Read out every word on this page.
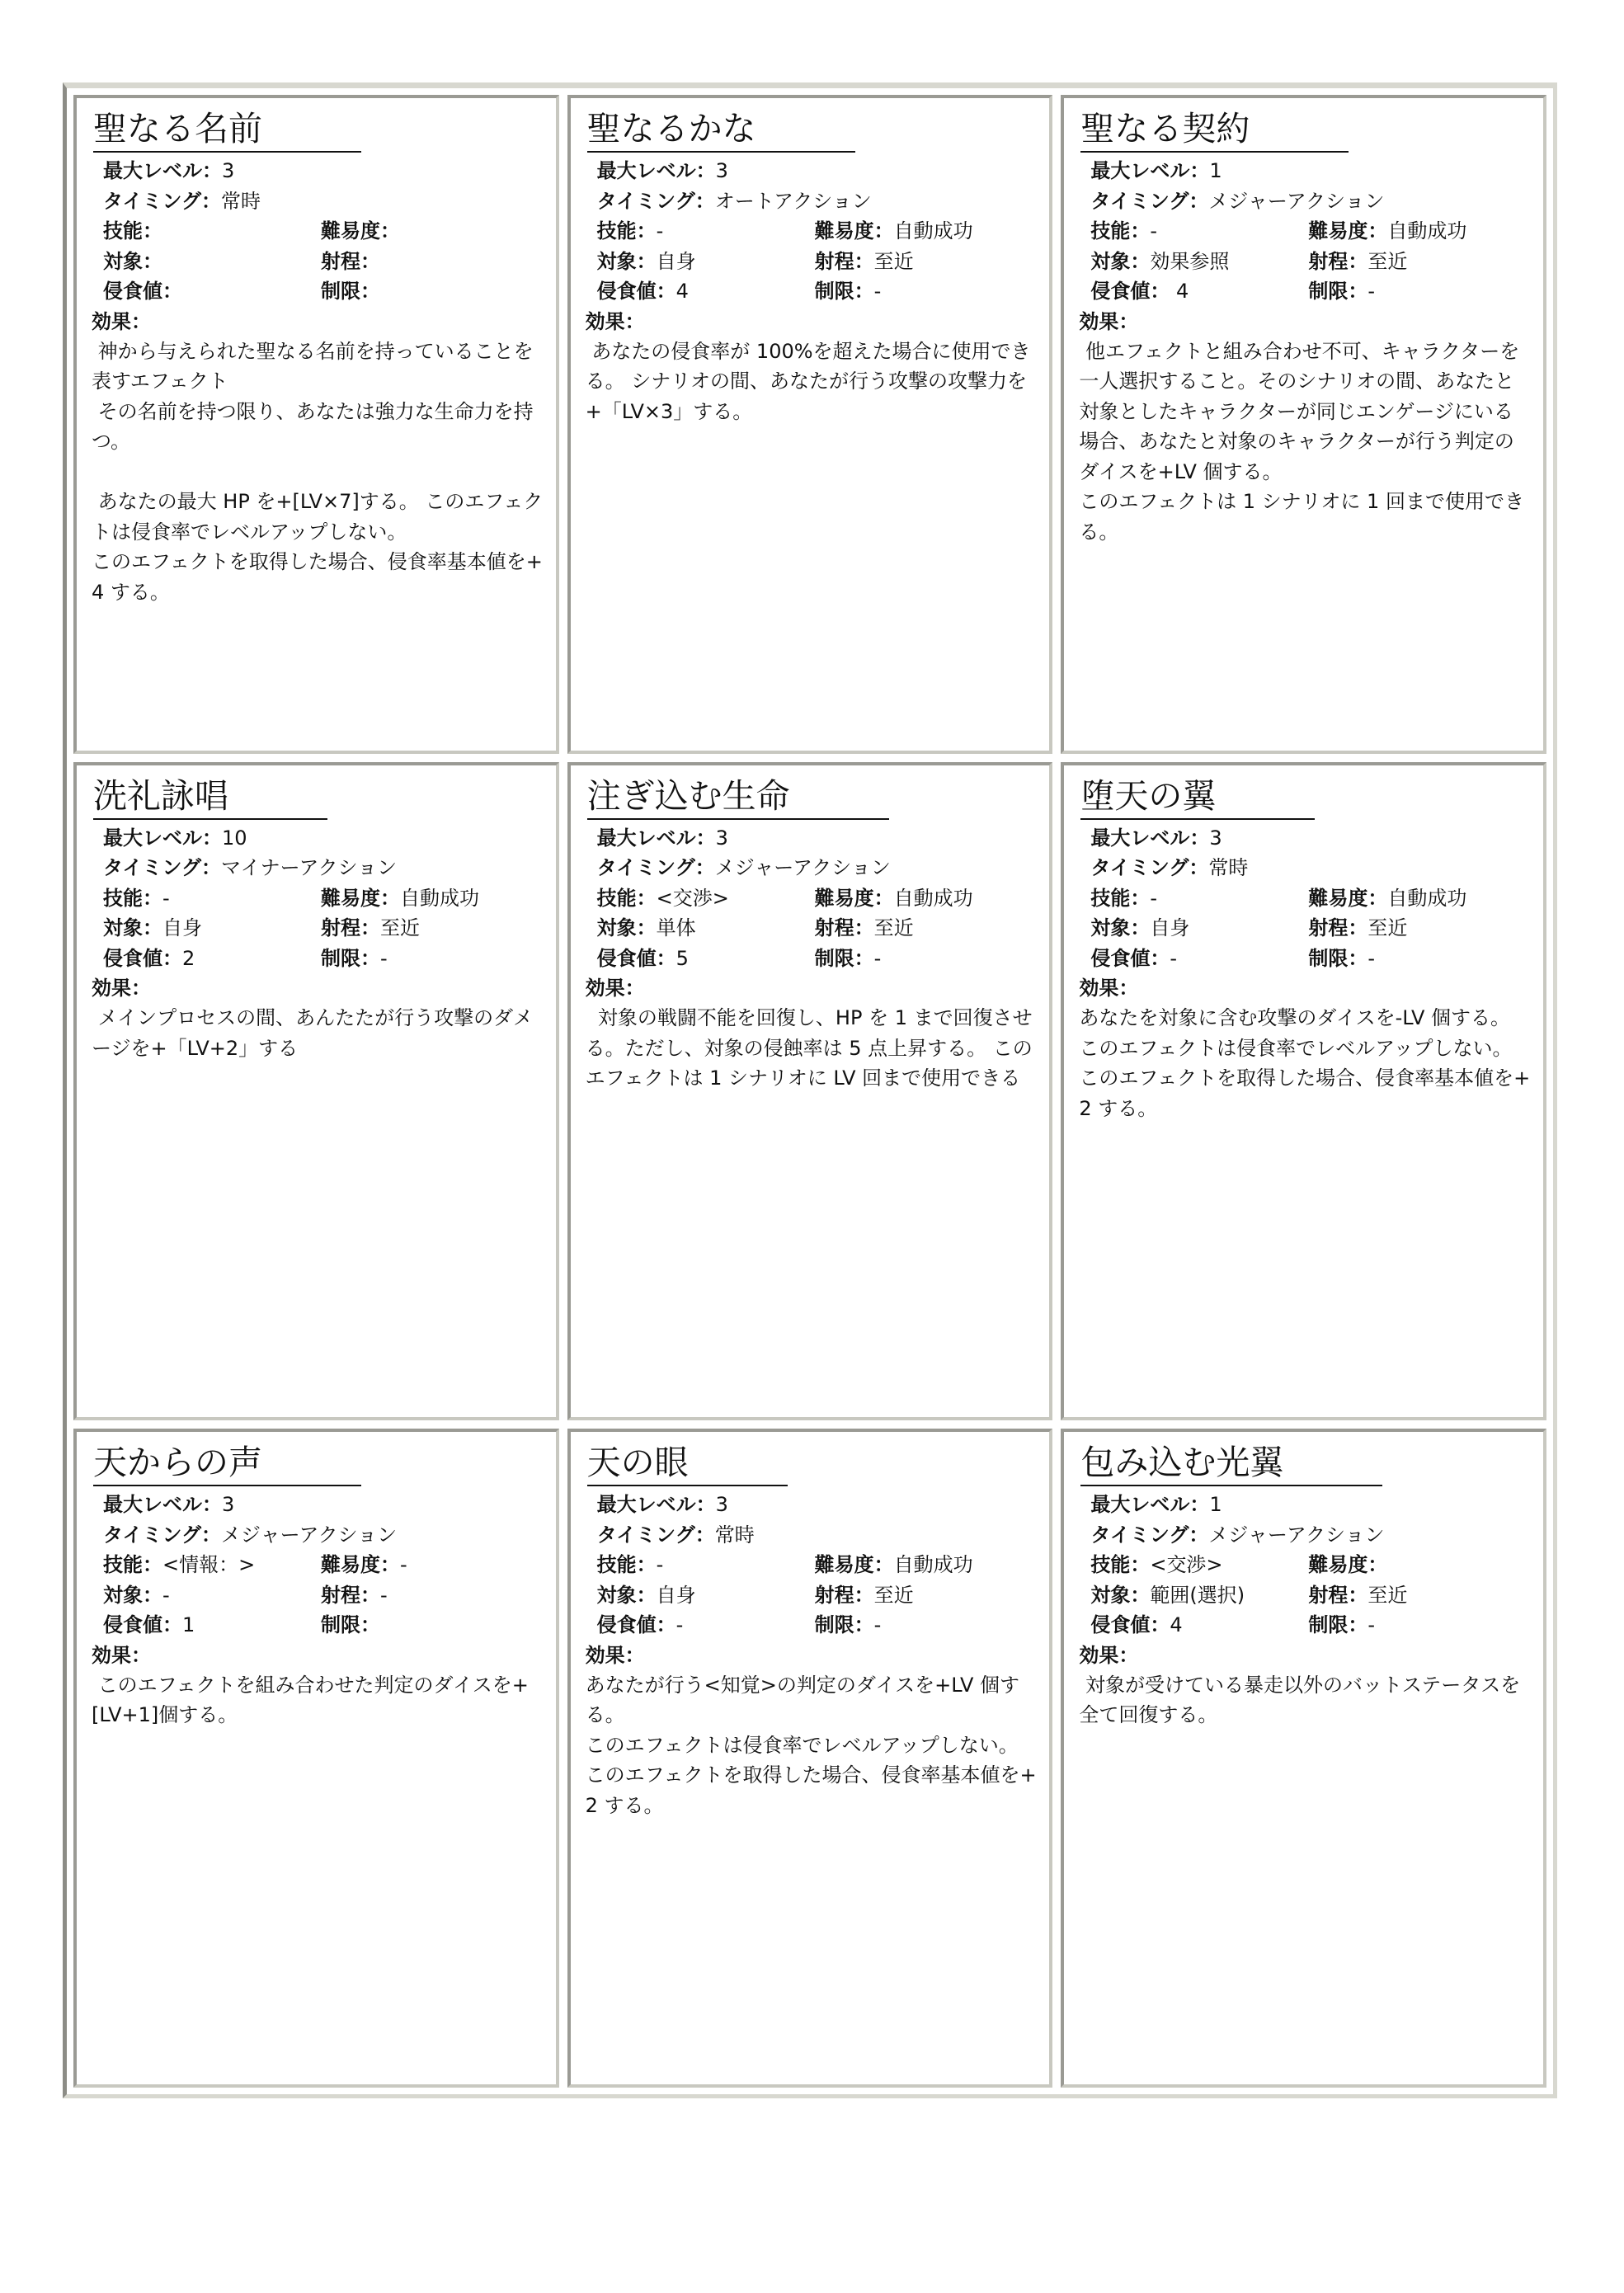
聖なる名前
最大レベル： 3
タイミング： 常時
技能：	難易度：
対象：	射程：
侵食値：	制限：
効果：

神から与えられた聖なる名前を持っていることを表すエフェクト
その名前を持つ限り、あなたは強力な生命力を持つ。

あなたの最大 HP を+[LV×7]する。 このエフェクトは侵食率でレベルアップしない。
このエフェクトを取得した場合、侵食率基本値を+4 する。

聖なるかな
最大レベル： 3
タイミング： オートアクション
技能：-	難易度：自動成功
対象：自身	射程：至近
侵食値：4	制限：-
効果：

あなたの侵食率が 100%を超えた場合に使用できる。 シナリオの間、あなたが行う攻撃の攻撃力を+「LV×3」する。

聖なる契約
最大レベル： 1
タイミング： メジャーアクション
技能：-	難易度：自動成功
対象：効果参照	射程：至近
侵食値： 4	制限：-
効果：

他エフェクトと組み合わせ不可、キャラクターを一人選択すること。そのシナリオの間、あなたと対象としたキャラクターが同じエンゲージにいる場合、あなたと対象のキャラクターが行う判定のダイスを+LV 個する。
このエフェクトは 1 シナリオに 1 回まで使用できる。

洗礼詠唱
最大レベル： 10
タイミング： マイナーアクション
技能：-	難易度：自動成功
対象：自身	射程：至近
侵食値：2	制限：-
効果：

メインプロセスの間、あんたたが行う攻撃のダメージを+「LV+2」する

注ぎ込む生命
最大レベル： 3
タイミング： メジャーアクション
技能：<交渉>	難易度：自動成功
対象：単体	射程：至近
侵食値：5	制限：-
効果：

対象の戦闘不能を回復し、HP を 1 まで回復させる。ただし、対象の侵蝕率は 5 点上昇する。 このエフェクトは 1 シナリオに LV 回まで使用できる

堕天の翼
最大レベル： 3
タイミング： 常時
技能：-	難易度：自動成功
対象：自身	射程：至近
侵食値：-	制限：-
効果：

あなたを対象に含む攻撃のダイスを-LV 個する。
このエフェクトは侵食率でレベルアップしない。
このエフェクトを取得した場合、侵食率基本値を+2 する。

天からの声
最大レベル： 3
タイミング： メジャーアクション
技能：<情報：>	難易度：-
対象：-	射程：-
侵食値：1	制限：
効果：

このエフェクトを組み合わせた判定のダイスを+[LV+1]個する。

天の眼
最大レベル： 3
タイミング： 常時
技能：-	難易度：自動成功
対象：自身	射程：至近
侵食値：-	制限：-
効果：

あなたが行う<知覚>の判定のダイスを+LV 個する。
このエフェクトは侵食率でレベルアップしない。
このエフェクトを取得した場合、侵食率基本値を+2 する。

包み込む光翼
最大レベル： 1
タイミング： メジャーアクション
技能：<交渉>	難易度：
対象：範囲(選択)	射程：至近
侵食値：4	制限：-
効果：

対象が受けている暴走以外のバットステータスを全て回復する。
